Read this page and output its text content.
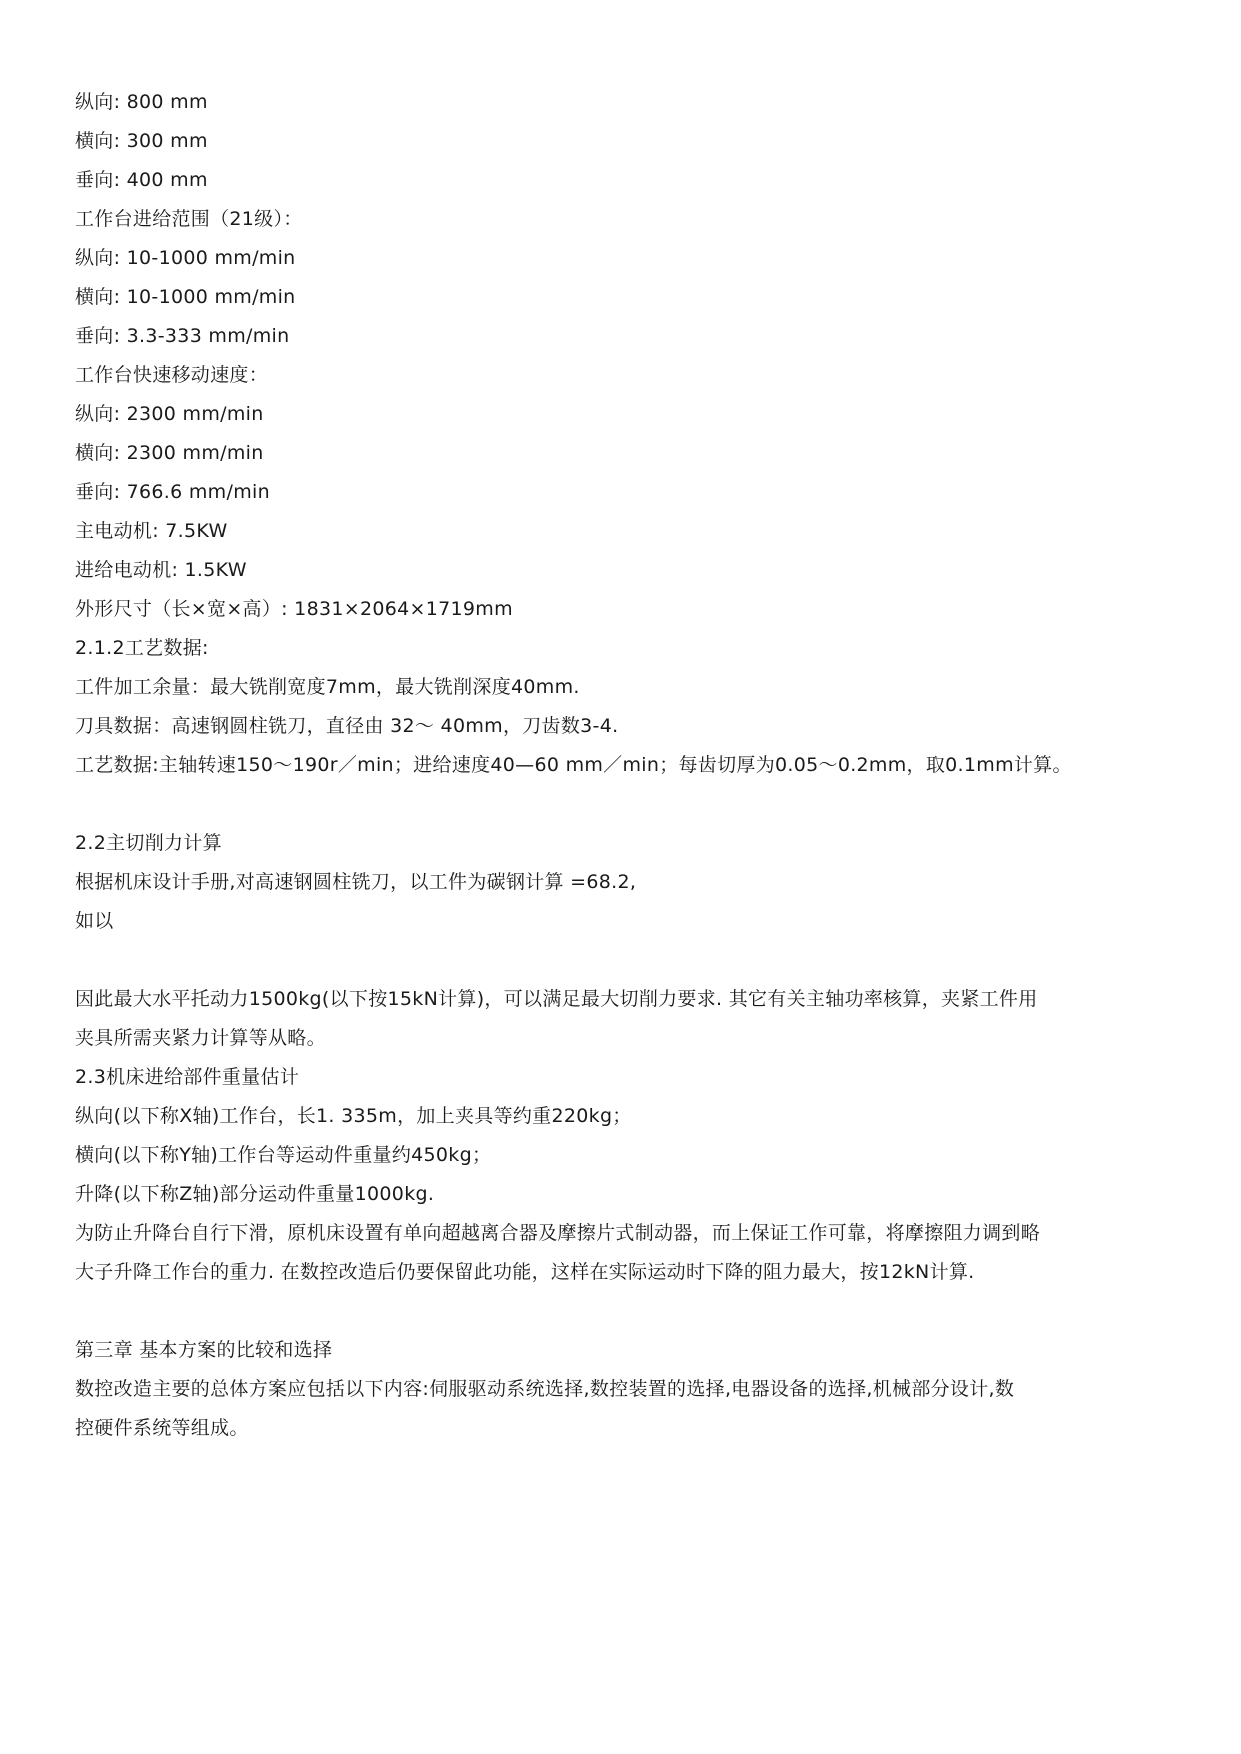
纵向: 800 mm
横向: 300 mm
垂向: 400 mm
工作台进给范围（21级）：
纵向: 10-1000 mm/min
横向: 10-1000 mm/min
垂向: 3.3-333 mm/min
工作台快速移动速度：
纵向: 2300 mm/min
横向: 2300 mm/min
垂向: 766.6 mm/min
主电动机: 7.5KW
进给电动机: 1.5KW
外形尺寸（长×宽×高）: 1831×2064×1719mm
2.1.2工艺数据:
工件加工余量：最大铣削宽度7mm，最大铣削深度40mm.
刀具数据：高速钢圆柱铣刀，直径由 32～ 40mm，刀齿数3-4.
工艺数据:主轴转速150～190r／min；进给速度40—60 mm／min；每齿切厚为0.05～0.2mm，取0.1mm计算。
2.2主切削力计算
根据机床设计手册,对高速钢圆柱铣刀，以工件为碳钢计算 =68.2,
如以
因此最大水平托动力1500kg(以下按15kN计算)，可以满足最大切削力要求. 其它有关主轴功率核算，夹紧工件用
夹具所需夹紧力计算等从略。
2.3机床进给部件重量估计
纵向(以下称X轴)工作台，长1. 335m，加上夹具等约重220kg；
横向(以下称Y轴)工作台等运动件重量约450kg；
升降(以下称Z轴)部分运动件重量1000kg.
为防止升降台自行下滑，原机床设置有单向超越离合器及摩擦片式制动器，而上保证工作可靠，将摩擦阻力调到略
大子升降工作台的重力. 在数控改造后仍要保留此功能，这样在实际运动时下降的阻力最大，按12kN计算.
第三章 基本方案的比较和选择
数控改造主要的总体方案应包括以下内容:伺服驱动系统选择,数控装置的选择,电器设备的选择,机械部分设计,数
控硬件系统等组成。
